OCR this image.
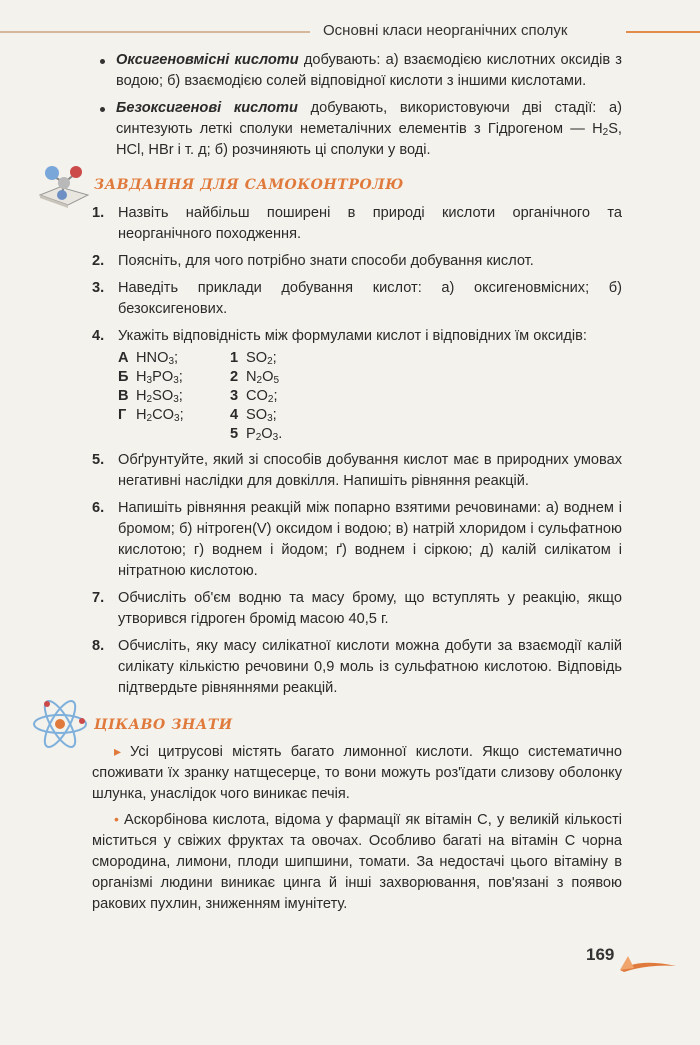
Основні класи неорганічних сполук
Оксигеновмісні кислоти добувають: а) взаємодією кислотних оксидів з водою; б) взаємодією солей відповідної кислоти з іншими кислотами.
Безоксигенові кислоти добувають, використовуючи дві стадії: а) синтезують леткі сполуки неметалічних елементів з Гідрогеном — $H_2S$, HCl, HBr і т. д; б) розчиняють ці сполуки у воді.
ЗАВДАННЯ ДЛЯ САМОКОНТРОЛЮ
1. Назвіть найбільш поширені в природі кислоти органічного та неорганічного походження.
2. Поясніть, для чого потрібно знати способи добування кислот.
3. Наведіть приклади добування кислот: а) оксигеновмісних; б) безоксигенових.
4. Укажіть відповідність між формулами кислот і відповідних їм оксидів:
А $HNO_3$;
Б $H_3PO_3$;
В $H_2SO_3$;
Г $H_2CO_3$;
1 $SO_2$;
2 $N_2O_5$
3 $CO_2$;
4 $SO_3$;
5 $P_2O_3$.
5. Обґрунтуйте, який зі способів добування кислот має в природних умовах негативні наслідки для довкілля. Напишіть рівняння реакцій.
6. Напишіть рівняння реакцій між попарно взятими речовинами: а) воднем і бромом; б) нітроген(V) оксидом і водою; в) натрій хлоридом і сульфатною кислотою; г) воднем і йодом; ґ) воднем і сіркою; д) калій силікатом і нітратною кислотою.
7. Обчисліть об'єм водню та масу брому, що вступлять у реакцію, якщо утворився гідроген бромід масою 40,5 г.
8. Обчисліть, яку масу силікатної кислоти можна добути за взаємодії калій силікату кількістю речовини 0,9 моль із сульфатною кислотою. Відповідь підтвердьте рівняннями реакцій.
ЦІКАВО ЗНАТИ

▸ Усі цитрусові містять багато лимонної кислоти. Якщо систематично споживати їх зранку натщесерце, то вони можуть роз'їдати слизову оболонку шлунка, унаслідок чого виникає печія.

• Аскорбінова кислота, відома у фармації як вітамін С, у великій кількості міститься у свіжих фруктах та овочах. Особливо багаті на вітамін С чорна смородина, лимони, плоди шипшини, томати. За недостачі цього вітаміну в організмі людини виникає цинга й інші захворювання, пов'язані з появою ракових пухлин, зниженням імунітету.

169
